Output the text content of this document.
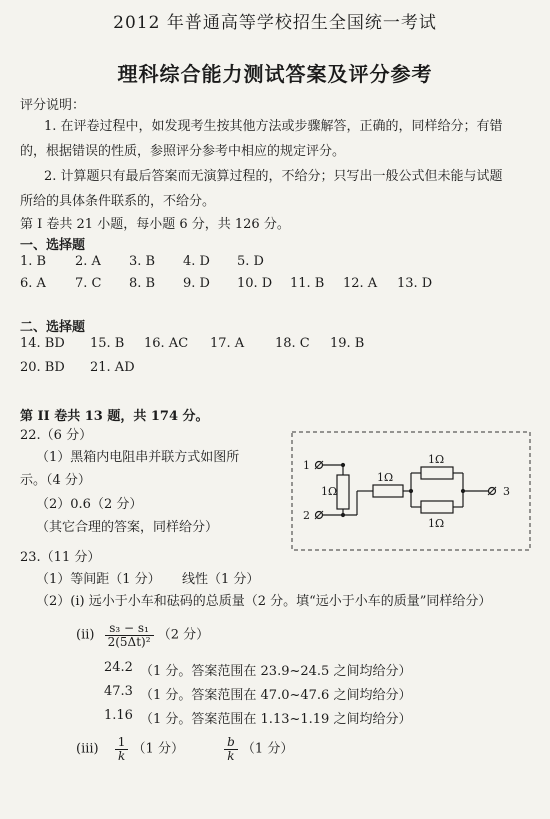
2012 年普通高等学校招生全国统一考试
理科综合能力测试答案及评分参考
评分说明：
1. 在评卷过程中，如发现考生按其他方法或步骤解答，正确的，同样给分；有错
的，根据错误的性质，参照评分参考中相应的规定评分。
2. 计算题只有最后答案而无演算过程的，不给分；只写出一般公式但未能与试题
所给的具体条件联系的，不给分。
第 I 卷共 21 小题，每小题 6 分，共 126 分。
一、选择题
1. B 2. A 3. B 4. D 5. D
6. A 7. C 8. B 9. D 10. D 11. B 12. A 13. D
二、选择题
14. BD 15. B 16. AC 17. A 18. C 19. B
20. BD 21. AD
第 II 卷共 13 题，共 174 分。
22.（6 分）
（1）黑箱内电阻串并联方式如图所
示。（4 分）
（2）0.6（2 分）
（其它合理的答案，同样给分）
1
2
3
1Ω
1Ω
1Ω
1Ω
23.（11 分）
（1）等间距（1 分） 线性（1 分）
（2）(i) 远小于小车和砝码的总质量（2 分。填“远小于小车的质量”同样给分）
$(ii) \frac{\text{s₃ − s₁}}{\text{2(5Δt)²}} (2$ 分）
24.2 （1 分。答案范围在 23.9~24.5 之间均给分）
47.3 （1 分。答案范围在 47.0~47.6 之间均给分）
1.16 （1 分。答案范围在 1.13~1.19 之间均给分）
$(iii) \frac{1}{k} (1$ 分）	$\frac{b}{k} (1$ 分）
